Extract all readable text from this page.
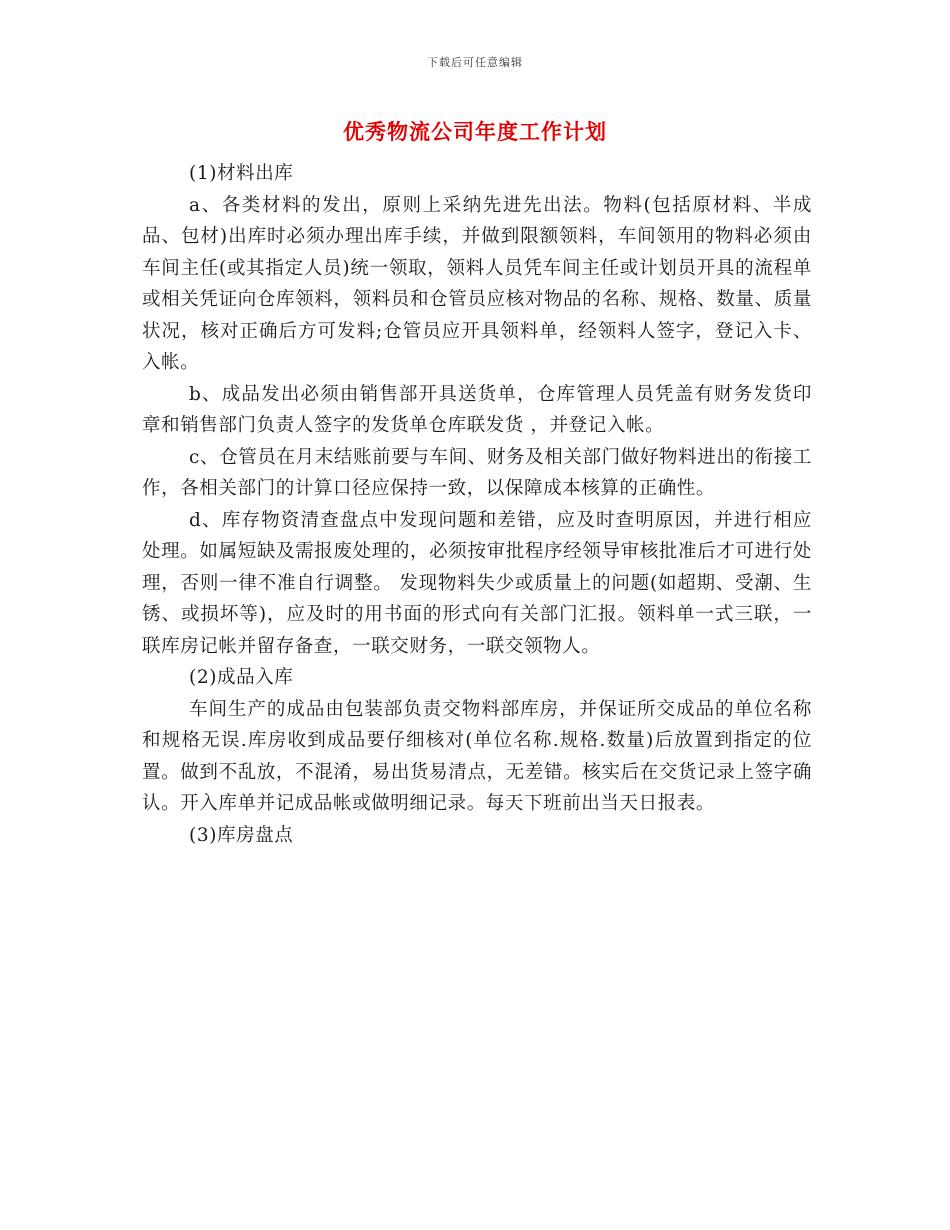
下载后可任意编辑
优秀物流公司年度工作计划

(1)材料出库

a、各类材料的发出，原则上采纳先进先出法。物料(包括原材料、半成品、包材)出库时必须办理出库手续，并做到限额领料，车间领用的物料必须由车间主任(或其指定人员)统一领取，领料人员凭车间主任或计划员开具的流程单或相关凭证向仓库领料，领料员和仓管员应核对物品的名称、规格、数量、质量状况，核对正确后方可发料;仓管员应开具领料单，经领料人签字，登记入卡、入帐。

b、成品发出必须由销售部开具送货单，仓库管理人员凭盖有财务发货印章和销售部门负责人签字的发货单仓库联发货 ，并登记入帐。

c、仓管员在月末结账前要与车间、财务及相关部门做好物料进出的衔接工作，各相关部门的计算口径应保持一致，以保障成本核算的正确性。

d、库存物资清查盘点中发现问题和差错，应及时查明原因，并进行相应处理。如属短缺及需报废处理的，必须按审批程序经领导审核批准后才可进行处理，否则一律不准自行调整。 发现物料失少或质量上的问题(如超期、受潮、生锈、或损坏等)，应及时的用书面的形式向有关部门汇报。领料单一式三联，一联库房记帐并留存备查，一联交财务，一联交领物人。

(2)成品入库

车间生产的成品由包装部负责交物料部库房，并保证所交成品的单位名称和规格无误.库房收到成品要仔细核对(单位名称.规格.数量)后放置到指定的位置。做到不乱放，不混淆，易出货易清点，无差错。核实后在交货记录上签字确认。开入库单并记成品帐或做明细记录。每天下班前出当天日报表。

(3)库房盘点
